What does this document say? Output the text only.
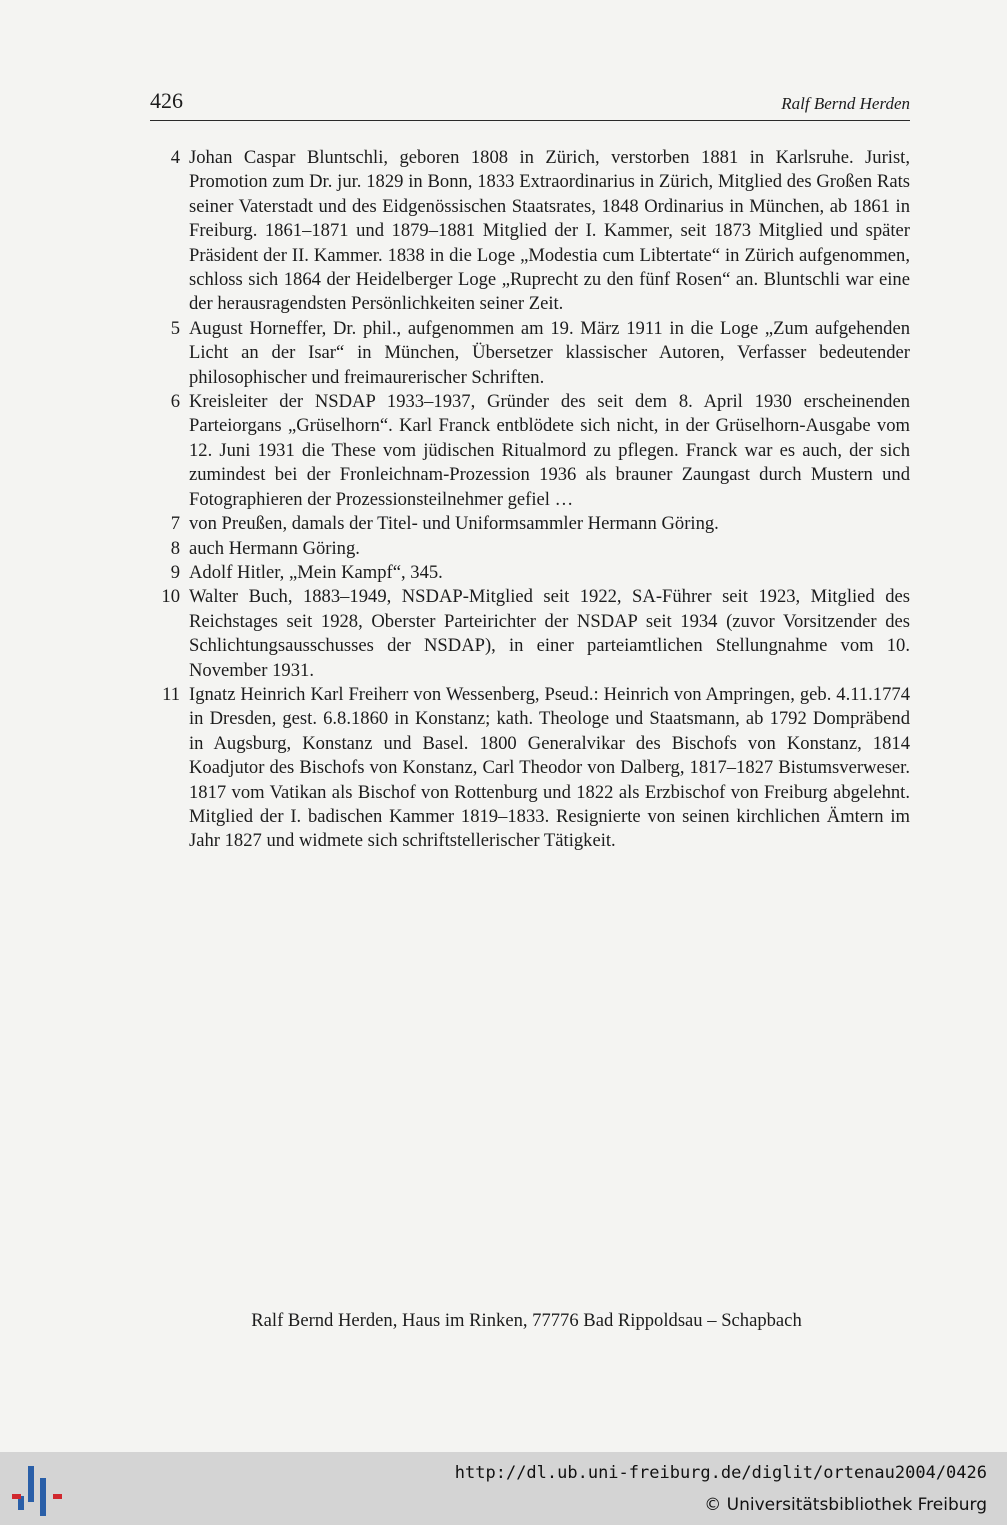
426	Ralf Bernd Herden
4 Johan Caspar Bluntschli, geboren 1808 in Zürich, verstorben 1881 in Karlsruhe. Jurist, Promotion zum Dr. jur. 1829 in Bonn, 1833 Extraordinarius in Zürich, Mitglied des Großen Rats seiner Vaterstadt und des Eidgenössischen Staatsrates, 1848 Ordinarius in München, ab 1861 in Freiburg. 1861–1871 und 1879–1881 Mitglied der I. Kammer, seit 1873 Mitglied und später Präsident der II. Kammer. 1838 in die Loge „Modestia cum Libtertate“ in Zürich aufgenommen, schloss sich 1864 der Heidelberger Loge „Ruprecht zu den fünf Rosen“ an. Bluntschli war eine der herausragendsten Persönlichkeiten seiner Zeit.
5 August Horneffer, Dr. phil., aufgenommen am 19. März 1911 in die Loge „Zum aufgehenden Licht an der Isar“ in München, Übersetzer klassischer Autoren, Verfasser bedeutender philosophischer und freimaurerischer Schriften.
6 Kreisleiter der NSDAP 1933–1937, Gründer des seit dem 8. April 1930 erscheinenden Parteiorgans „Grüselhorn“. Karl Franck entblödete sich nicht, in der Grüselhorn-Ausgabe vom 12. Juni 1931 die These vom jüdischen Ritualmord zu pflegen. Franck war es auch, der sich zumindest bei der Fronleichnam-Prozession 1936 als brauner Zaungast durch Mustern und Fotographieren der Prozessionsteilnehmer gefiel …
7 von Preußen, damals der Titel- und Uniformsammler Hermann Göring.
8 auch Hermann Göring.
9 Adolf Hitler, „Mein Kampf“, 345.
10 Walter Buch, 1883–1949, NSDAP-Mitglied seit 1922, SA-Führer seit 1923, Mitglied des Reichstages seit 1928, Oberster Parteirichter der NSDAP seit 1934 (zuvor Vorsitzender des Schlichtungsausschusses der NSDAP), in einer parteiamtlichen Stellungnahme vom 10. November 1931.
11 Ignatz Heinrich Karl Freiherr von Wessenberg, Pseud.: Heinrich von Ampringen, geb. 4.11.1774 in Dresden, gest. 6.8.1860 in Konstanz; kath. Theologe und Staatsmann, ab 1792 Dompräbend in Augsburg, Konstanz und Basel. 1800 Generalvikar des Bischofs von Konstanz, 1814 Koadjutor des Bischofs von Konstanz, Carl Theodor von Dalberg, 1817–1827 Bistumsverweser. 1817 vom Vatikan als Bischof von Rottenburg und 1822 als Erzbischof von Freiburg abgelehnt. Mitglied der I. badischen Kammer 1819–1833. Resignierte von seinen kirchlichen Ämtern im Jahr 1827 und widmete sich schriftstellerischer Tätigkeit.
Ralf Bernd Herden, Haus im Rinken, 77776 Bad Rippoldsau – Schapbach
http://dl.ub.uni-freiburg.de/diglit/ortenau2004/0426
© Universitätsbibliothek Freiburg
